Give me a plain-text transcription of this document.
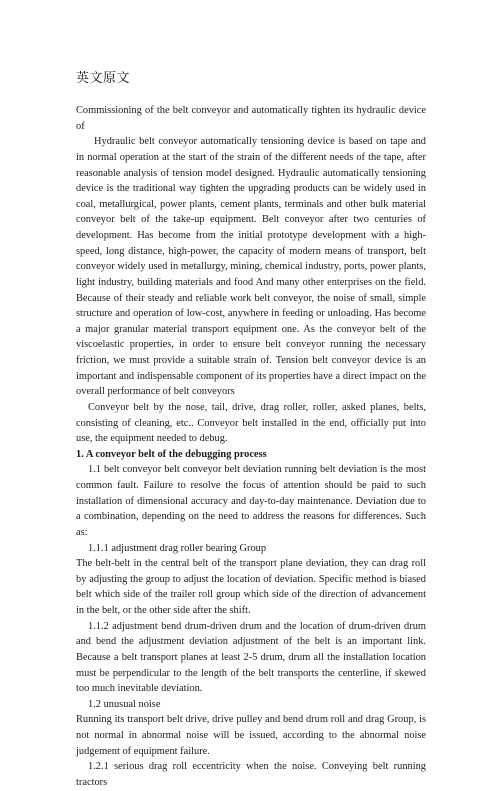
英文原文

Commissioning of the belt conveyor and automatically tighten its hydraulic device of

Hydraulic belt conveyor automatically tensioning device is based on tape and in normal operation at the start of the strain of the different needs of the tape, after reasonable analysis of tension model designed. Hydraulic automatically tensioning device is the traditional way tighten the upgrading products can be widely used in coal, metallurgical, power plants, cement plants, terminals and other bulk material conveyor belt of the take-up equipment. Belt conveyor after two centuries of development. Has become from the initial prototype development with a high-speed, long distance, high-power, the capacity of modern means of transport, belt conveyor widely used in metallurgy, mining, chemical industry, ports, power plants, light industry, building materials and food And many other enterprises on the field. Because of their steady and reliable work belt conveyor, the noise of small, simple structure and operation of low-cost, anywhere in feeding or unloading. Has become a major granular material transport equipment one. As the conveyor belt of the viscoelastic properties, in order to ensure belt conveyor running the necessary friction, we must provide a suitable strain of. Tension belt conveyor device is an important and indispensable component of its properties have a direct impact on the overall performance of belt conveyors

Conveyor belt by the nose, tail, drive, drag roller, roller, asked planes, belts, consisting of cleaning, etc.. Conveyor belt installed in the end, officially put into use, the equipment needed to debug.

1. A conveyor belt of the debugging process

1.1 belt conveyor belt conveyor belt deviation running belt deviation is the most common fault. Failure to resolve the focus of attention should be paid to such installation of dimensional accuracy and day-to-day maintenance. Deviation due to a combination, depending on the need to address the reasons for differences. Such as:

1.1.1 adjustment drag roller bearing Group

The belt-belt in the central belt of the transport plane deviation, they can drag roll by adjusting the group to adjust the location of deviation. Specific method is biased belt which side of the trailer roll group which side of the direction of advancement in the belt, or the other side after the shift.

1.1.2 adjustment bend drum-driven drum and the location of drum-driven drum and bend the adjustment deviation adjustment of the belt is an important link. Because a belt transport planes at least 2-5 drum, drum all the installation location must be perpendicular to the length of the belt transports the centerline, if skewed too much inevitable deviation.

1.2 unusual noise

Running its transport belt drive, drive pulley and bend drum roll and drag Group, is not normal in abnormal noise will be issued, according to the abnormal noise judgement of equipment failure.

1.2.1 serious drag roll eccentricity when the noise. Conveying belt running tractors
